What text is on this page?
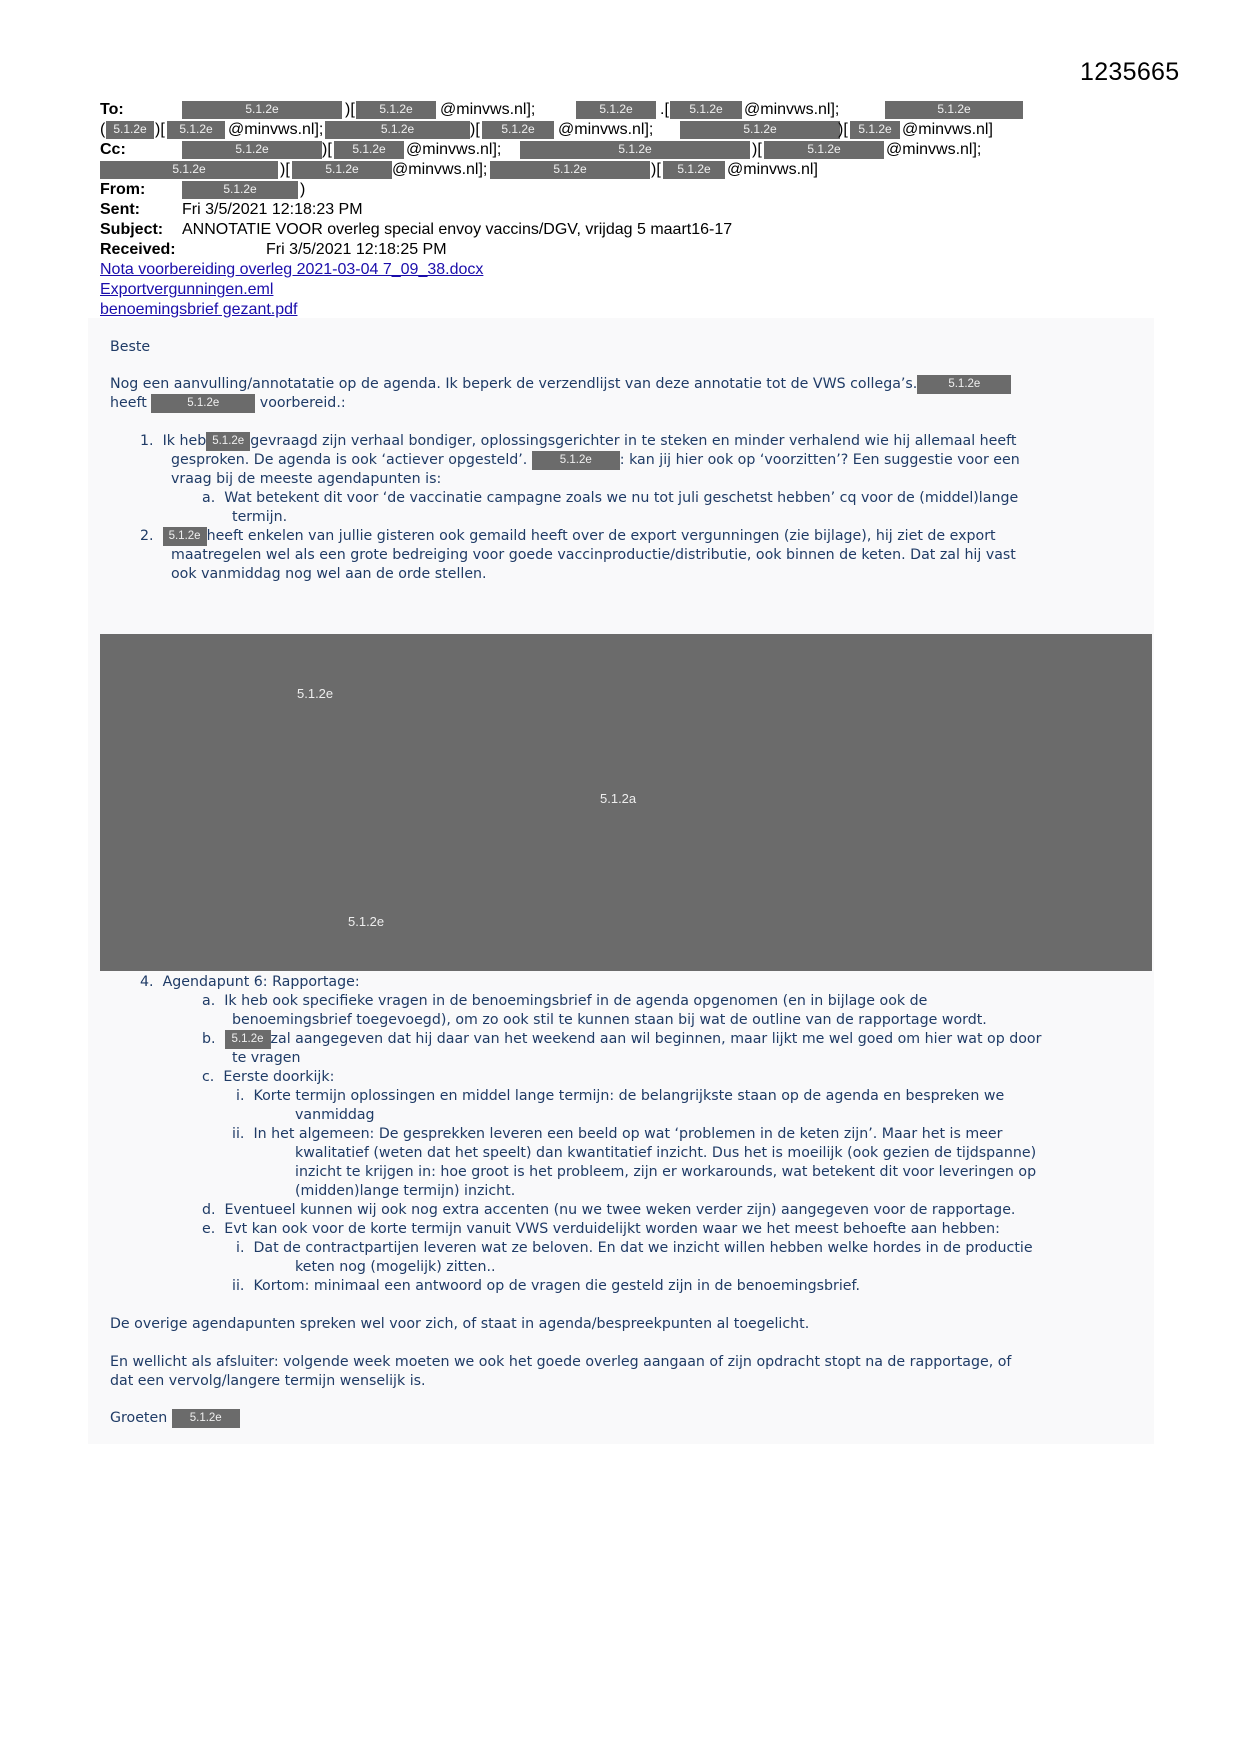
1235665
To:	5.1.2e	)[	5.1.2e	@minvws.nl];	5.1.2e	.[	5.1.2e	@minvws.nl];	5.1.2e
( 5.1.2e )[	5.1.2e @minvws.nl];	5.1.2e	)[	5.1.2e	@minvws.nl];	5.1.2e	)[ 5.1.2e @minvws.nl]
Cc:	5.1.2e	)[	5.1.2e	@minvws.nl];	5.1.2e	)[	5.1.2e	@minvws.nl];
5.1.2e	)[	5.1.2e	@minvws.nl];	5.1.2e	)[	5.1.2e	@minvws.nl]
From:	5.1.2e	)
Sent:	Fri 3/5/2021 12:18:23 PM
Subject: ANNOTATIE VOOR overleg special envoy vaccins/DGV, vrijdag 5 maart16-17
Received:	Fri 3/5/2021 12:18:25 PM
Nota voorbereiding overleg 2021-03-04 7_09_38.docx
Exportvergunningen.eml
benoemingsbrief gezant.pdf
Beste
Nog een aanvulling/annotatatie op de agenda. Ik beperk de verzendlijst van deze annotatie tot de VWS collega’s.	5.1.2e
heeft	5.1.2e	voorbereid.:
1. Ik heb 5.1.2e gevraagd zijn verhaal bondiger, oplossingsgerichter in te steken en minder verhalend wie hij allemaal heeft
gesproken. De agenda is ook ‘actiever opgesteld’.	5.1.2e : kan jij hier ook op ‘voorzitten’? Een suggestie voor een
vraag bij de meeste agendapunten is:
a. Wat betekent dit voor ‘de vaccinatie campagne zoals we nu tot juli geschetst hebben’ cq voor de (middel)lange
termijn.
2. 5.1.2e heeft enkelen van jullie gisteren ook gemaild heeft over de export vergunningen (zie bijlage), hij ziet de export
maatregelen wel als een grote bedreiging voor goede vaccinproductie/distributie, ook binnen de keten. Dat zal hij vast
ook vanmiddag nog wel aan de orde stellen.
5.1.2e
5.1.2a
5.1.2e
4. Agendapunt 6: Rapportage:
a. Ik heb ook specifieke vragen in de benoemingsbrief in de agenda opgenomen (en in bijlage ook de
benoemingsbrief toegevoegd), om zo ook stil te kunnen staan bij wat de outline van de rapportage wordt.
b. 5.1.2e zal aangegeven dat hij daar van het weekend aan wil beginnen, maar lijkt me wel goed om hier wat op door
te vragen
c. Eerste doorkijk:
i. Korte termijn oplossingen en middel lange termijn: de belangrijkste staan op de agenda en bespreken we
vanmiddag
ii. In het algemeen: De gesprekken leveren een beeld op wat ‘problemen in de keten zijn’. Maar het is meer
kwalitatief (weten dat het speelt) dan kwantitatief inzicht. Dus het is moeilijk (ook gezien de tijdspanne)
inzicht te krijgen in: hoe groot is het probleem, zijn er workarounds, wat betekent dit voor leveringen op
(midden)lange termijn) inzicht.
d. Eventueel kunnen wij ook nog extra accenten (nu we twee weken verder zijn) aangegeven voor de rapportage.
e. Evt kan ook voor de korte termijn vanuit VWS verduidelijkt worden waar we het meest behoefte aan hebben:
i. Dat de contractpartijen leveren wat ze beloven. En dat we inzicht willen hebben welke hordes in de productie
keten nog (mogelijk) zitten..
ii. Kortom: minimaal een antwoord op de vragen die gesteld zijn in de benoemingsbrief.
De overige agendapunten spreken wel voor zich, of staat in agenda/bespreekpunten al toegelicht.
En wellicht als afsluiter: volgende week moeten we ook het goede overleg aangaan of zijn opdracht stopt na de rapportage, of
dat een vervolg/langere termijn wenselijk is.
Groeten 5.1.2e
